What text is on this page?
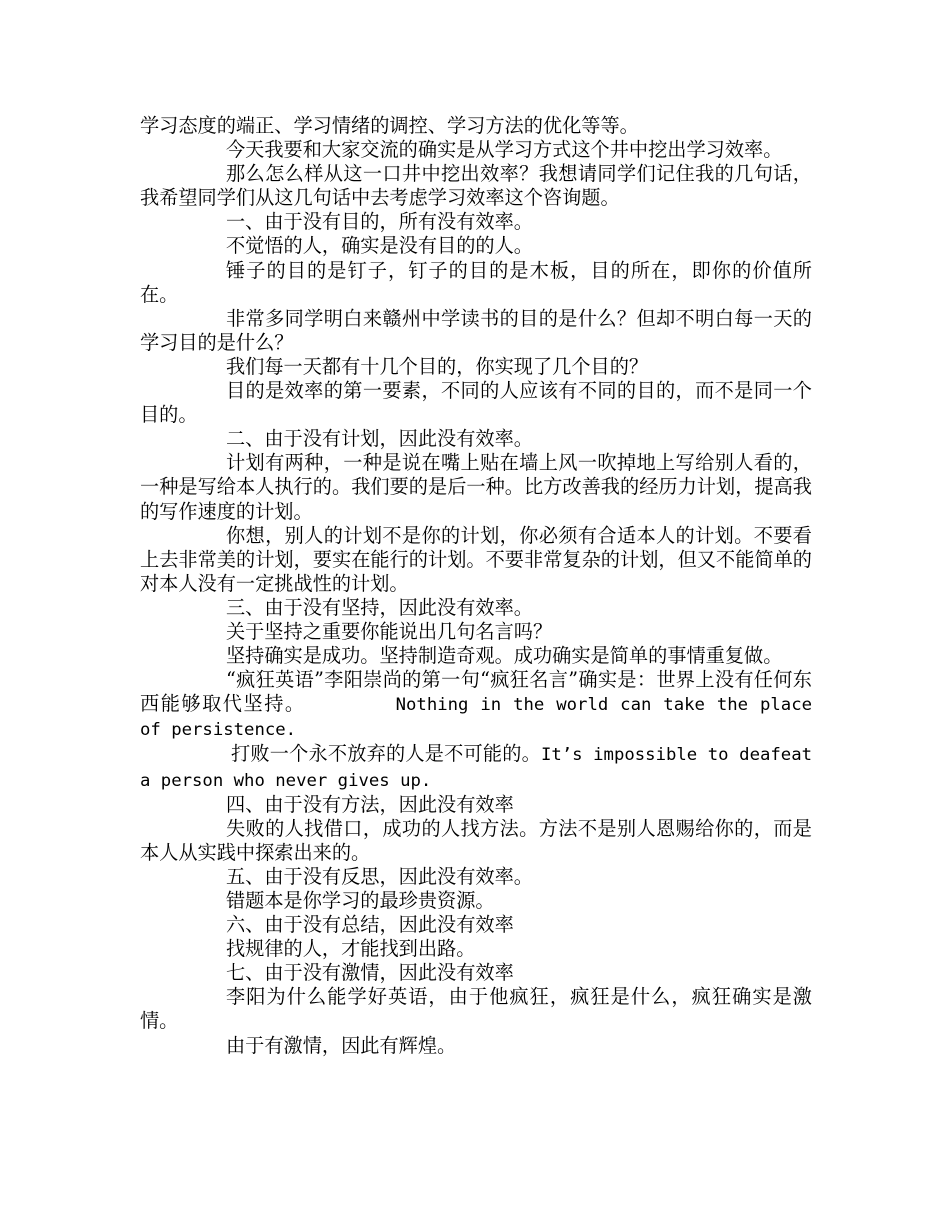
学习态度的端正、学习情绪的调控、学习方法的优化等等。

今天我要和大家交流的确实是从学习方式这个井中挖出学习效率。

那么怎么样从这一口井中挖出效率？我想请同学们记住我的几句话，我希望同学们从这几句话中去考虑学习效率这个咨询题。

一、由于没有目的，所有没有效率。

不觉悟的人，确实是没有目的的人。

锤子的目的是钉子，钉子的目的是木板，目的所在，即你的价值所在。

非常多同学明白来赣州中学读书的目的是什么？但却不明白每一天的学习目的是什么？

我们每一天都有十几个目的，你实现了几个目的？

目的是效率的第一要素，不同的人应该有不同的目的，而不是同一个目的。

二、由于没有计划，因此没有效率。

计划有两种，一种是说在嘴上贴在墙上风一吹掉地上写给别人看的，一种是写给本人执行的。我们要的是后一种。比方改善我的经历力计划，提高我的写作速度的计划。

你想，别人的计划不是你的计划，你必须有合适本人的计划。不要看上去非常美的计划，要实在能行的计划。不要非常复杂的计划，但又不能简单的对本人没有一定挑战性的计划。

三、由于没有坚持，因此没有效率。

关于坚持之重要你能说出几句名言吗？

坚持确实是成功。坚持制造奇观。成功确实是简单的事情重复做。

“疯狂英语”李阳崇尚的第一句“疯狂名言”确实是：世界上没有任何东西能够取代坚持。	Nothing in the world can take the place of persistence.

打败一个永不放弃的人是不可能的。It’s impossible to deafeat a person who never gives up.

四、由于没有方法，因此没有效率

失败的人找借口，成功的人找方法。方法不是别人恩赐给你的，而是本人从实践中探索出来的。

五、由于没有反思，因此没有效率。

错题本是你学习的最珍贵资源。

六、由于没有总结，因此没有效率

找规律的人，才能找到出路。

七、由于没有激情，因此没有效率

李阳为什么能学好英语，由于他疯狂，疯狂是什么，疯狂确实是激情。

由于有激情，因此有辉煌。
